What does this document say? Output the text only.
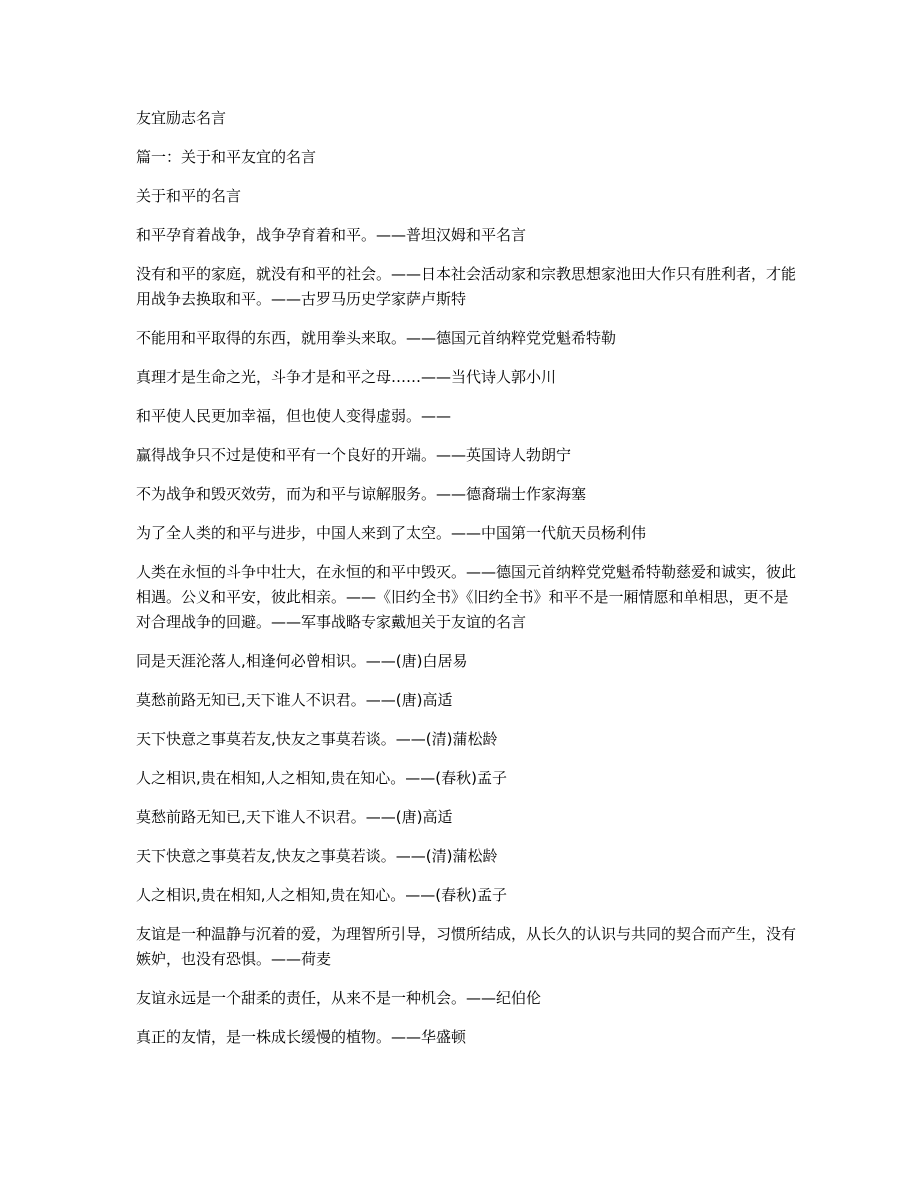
友宜励志名言

篇一：关于和平友宜的名言

关于和平的名言

和平孕育着战争，战争孕育着和平。——普坦汉姆和平名言

没有和平的家庭，就没有和平的社会。——日本社会活动家和宗教思想家池田大作只有胜利者，才能用战争去换取和平。——古罗马历史学家萨卢斯特

不能用和平取得的东西，就用拳头来取。——德国元首纳粹党党魁希特勒

真理才是生命之光，斗争才是和平之母……——当代诗人郭小川

和平使人民更加幸福，但也使人变得虚弱。——

赢得战争只不过是使和平有一个良好的开端。——英国诗人勃朗宁

不为战争和毁灭效劳，而为和平与谅解服务。——德裔瑞士作家海塞

为了全人类的和平与进步，中国人来到了太空。——中国第一代航天员杨利伟

人类在永恒的斗争中壮大，在永恒的和平中毁灭。——德国元首纳粹党党魁希特勒慈爱和诚实，彼此相遇。公义和平安，彼此相亲。——《旧约全书》《旧约全书》和平不是一厢情愿和单相思，更不是对合理战争的回避。——军事战略专家戴旭关于友谊的名言

同是天涯沦落人,相逢何必曾相识。——(唐)白居易

莫愁前路无知已,天下谁人不识君。——(唐)高适

天下快意之事莫若友,快友之事莫若谈。——(清)蒲松龄

人之相识,贵在相知,人之相知,贵在知心。——(春秋)孟子

莫愁前路无知已,天下谁人不识君。——(唐)高适

天下快意之事莫若友,快友之事莫若谈。——(清)蒲松龄

人之相识,贵在相知,人之相知,贵在知心。——(春秋)孟子

友谊是一种温静与沉着的爱，为理智所引导，习惯所结成，从长久的认识与共同的契合而产生，没有嫉妒，也没有恐惧。——荷麦

友谊永远是一个甜柔的责任，从来不是一种机会。——纪伯伦

真正的友情，是一株成长缓慢的植物。——华盛顿
